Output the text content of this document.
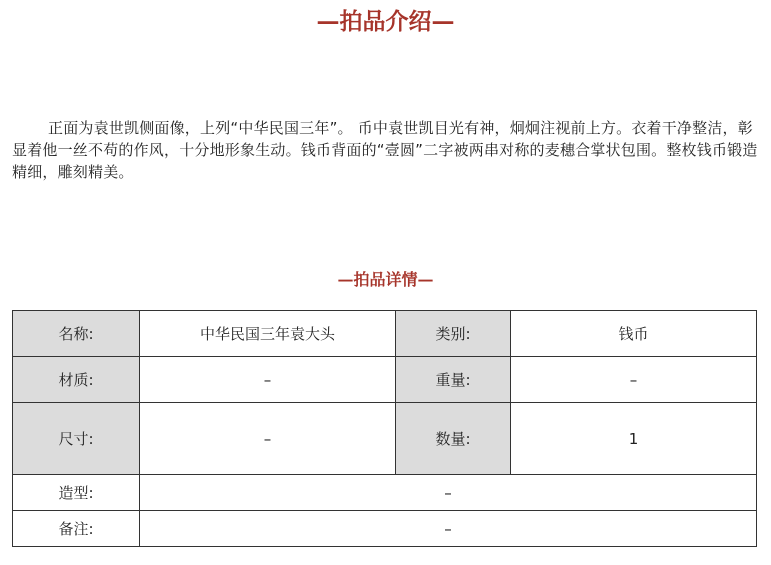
—拍品介绍—

正面为袁世凯侧面像，上列“中华民国三年”。 币中袁世凯目光有神，炯炯注视前上方。衣着干净整洁，彰显着他一丝不苟的作风，十分地形象生动。钱币背面的“壹圆”二字被两串对称的麦穗合掌状包围。整枚钱币锻造精细，雕刻精美。

—拍品详情—
名称:	中华民国三年袁大头	类别:	钱币
材质:	–	重量:	–
尺寸:	–	数量:	1
造型:	–		
备注:	–		
